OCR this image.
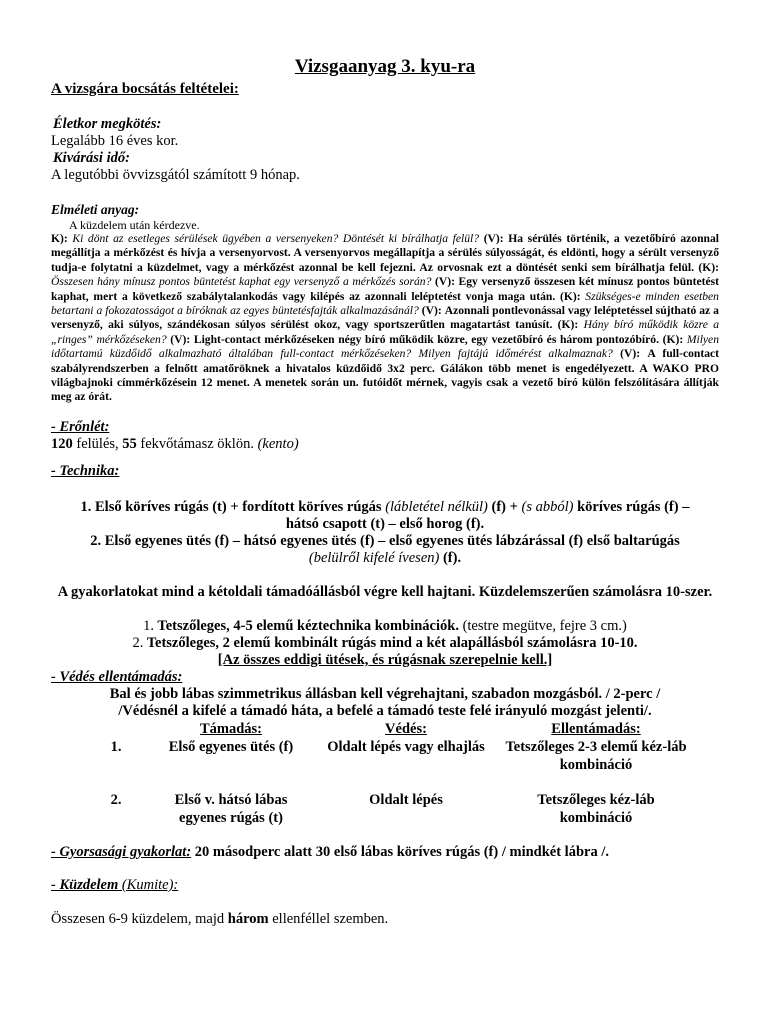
Vizsgaanyag 3. kyu-ra

A vizsgára bocsátás feltételei:

Életkor megkötés:

Legalább 16 éves kor.

Kivárási idő:

A legutóbbi övvizsgától számított 9 hónap.

Elméleti anyag:

A küzdelem után kérdezve.

K): Ki dönt az esetleges sérülések ügyében a versenyeken? Döntését ki bírálhatja felül? (V): Ha sérülés történik, a vezetőbíró azonnal megállítja a mérkőzést és hívja a versenyorvost. A versenyorvos megállapítja a sérülés súlyosságát, és eldönti, hogy a sérült versenyző tudja-e folytatni a küzdelmet, vagy a mérkőzést azonnal be kell fejezni. Az orvosnak ezt a döntését senki sem bírálhatja felül. (K): Összesen hány mínusz pontos büntetést kaphat egy versenyző a mérkőzés során? (V): Egy versenyző összesen két mínusz pontos büntetést kaphat, mert a következő szabálytalankodás vagy kilépés az azonnali leléptetést vonja maga után. (K): Szükséges-e minden esetben betartani a fokozatosságot a bíróknak az egyes büntetésfajták alkalmazásánál? (V): Azonnali pontlevonással vagy leléptetéssel sújtható az a versenyző, aki súlyos, szándékosan súlyos sérülést okoz, vagy sportszerűtlen magatartást tanúsít. (K): Hány bíró működik közre a „ringes” mérkőzéseken? (V): Light-contact mérkőzéseken négy bíró működik közre, egy vezetőbíró és három pontozóbíró. (K): Milyen időtartamú küzdőidő alkalmazható általában full-contact mérkőzéseken? Milyen fajtájú időmérést alkalmaznak? (V): A full-contact szabályrendszerben a felnőtt amatőröknek a hivatalos küzdőidő 3x2 perc. Gálákon több menet is engedélyezett. A WAKO PRO világbajnoki címmérkőzésein 12 menet. A menetek során un. futóidőt mérnek, vagyis csak a vezető bíró külön felszólítására állítják meg az órát.

- Erőnlét:

120 felülés, 55 fekvőtámasz öklön. (kento)

- Technika:

1. Első köríves rúgás (t) + fordított köríves rúgás (lábletétel nélkül) (f) + (s abból) köríves rúgás (f) –
hátsó csapott (t) – első horog (f).

2. Első egyenes ütés (f) – hátsó egyenes ütés (f) – első egyenes ütés lábzárással (f) első baltarúgás
(belülről kifelé ívesen) (f).

A gyakorlatokat mind a kétoldali támadóállásból végre kell hajtani. Küzdelemszerűen számolásra 10-szer.

1. Tetszőleges, 4-5 elemű kéztechnika kombinációk. (testre megütve, fejre 3 cm.)

2. Tetszőleges, 2 elemű kombinált rúgás mind a két alapállásból számolásra 10-10.

[Az összes eddigi ütések, és rúgásnak szerepelnie kell.]

- Védés ellentámadás:

Bal és jobb lábas szimmetrikus állásban kell végrehajtani, szabadon mozgásból. / 2-perc /

/Védésnél a kifelé a támadó háta, a befelé a támadó teste felé irányuló mozgást jelenti/.

	Támadás:	Védés:	Ellentámadás:
1.	Első egyenes ütés (f)	Oldalt lépés vagy elhajlás	Tetszőleges 2-3 elemű kéz-láb kombináció

2.	Első v. hátsó lábas egyenes rúgás (t)	Oldalt lépés	Tetszőleges kéz-láb kombináció

- Gyorsasági gyakorlat: 20 másodperc alatt 30 első lábas köríves rúgás (f) / mindkét lábra /.

- Küzdelem (Kumite):

Összesen 6-9 küzdelem, majd három ellenféllel szemben.
